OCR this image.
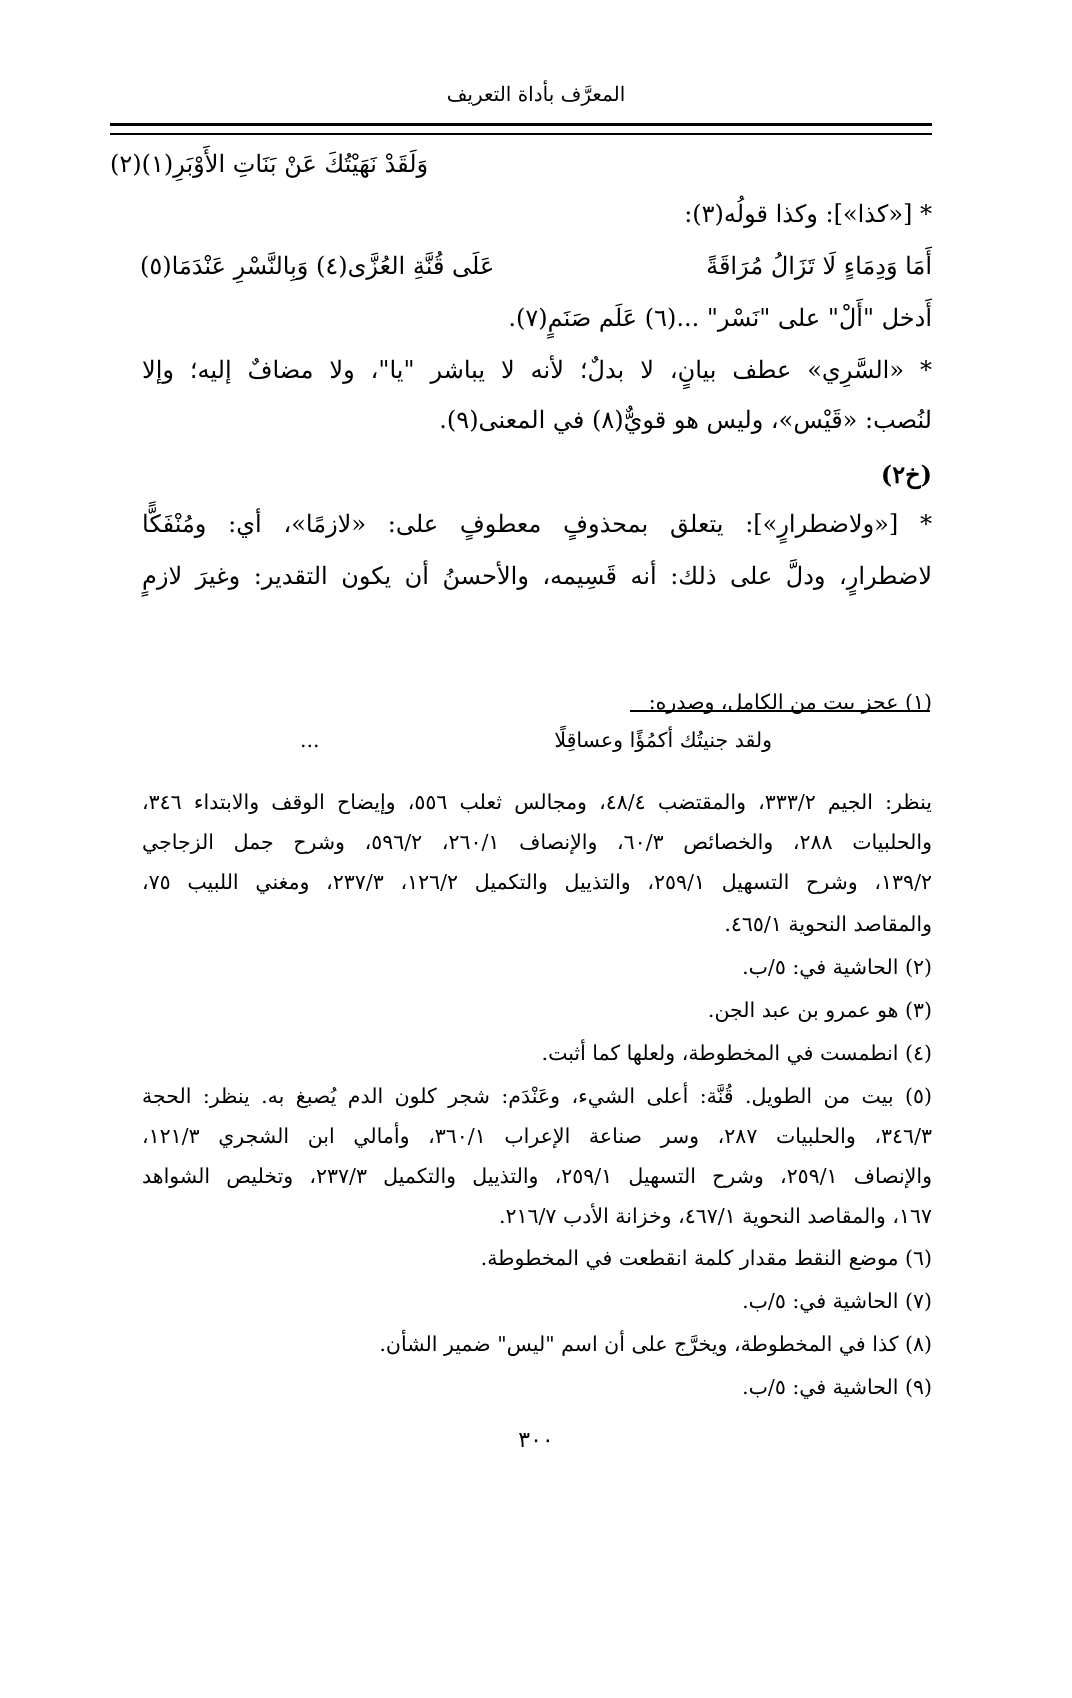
المعرَّف بأداة التعريف
وَلَقَدْ نَهَيْتُكَ عَنْ بَنَاتِ الأَوْبَرِ(١)(٢)
* [«كذا»]: وكذا قولُه(٣):
أَمَا وَدِمَاءٍ لَا تَزَالُ مُرَاقَةً
عَلَى قُنَّةِ العُزَّى(٤) وَبِالنَّسْرِ عَنْدَمَا(٥)
أَدخل "أَلْ" على "نَسْر" ...(٦) عَلَم صَنَمٍ(٧).
* «السَّرِي» عطف بيانٍ، لا بدلٌ؛ لأنه لا يباشر "يا"، ولا مضافٌ إليه؛ وإلا
لنُصب: «قَيْس»، وليس هو قويٌّ(٨) في المعنى(٩).
(خ٢)
* [«ولاضطرارٍ»]: يتعلق بمحذوفٍ معطوفٍ على: «لازمًا»، أي: ومُنْفَكًّا
لاضطرارٍ، ودلَّ على ذلك: أنه قَسِيمه، والأحسنُ أن يكون التقدير: وغيرَ لازمٍ
(١) عجز بيت من الكامل، وصدره:
ولقد جنيتُك أكمُؤًا وعساقِلًا
...
ينظر: الجيم ٣٣٣/٢، والمقتضب ٤٨/٤، ومجالس ثعلب ٥٥٦، وإيضاح الوقف والابتداء ٣٤٦،
والحلبيات ٢٨٨، والخصائص ٦٠/٣، والإنصاف ٢٦٠/١، ٥٩٦/٢، وشرح جمل الزجاجي
١٣٩/٢، وشرح التسهيل ٢٥٩/١، والتذييل والتكميل ١٢٦/٢، ٢٣٧/٣، ومغني اللبيب ٧٥،
والمقاصد النحوية ٤٦٥/١.
(٢) الحاشية في: ٥/ب.
(٣) هو عمرو بن عبد الجن.
(٤) انطمست في المخطوطة، ولعلها كما أثبت.
(٥) بيت من الطويل. قُنَّة: أعلى الشيء، وعَنْدَم: شجر كلون الدم يُصبغ به. ينظر: الحجة
٣٤٦/٣، والحلبيات ٢٨٧، وسر صناعة الإعراب ٣٦٠/١، وأمالي ابن الشجري ١٢١/٣،
والإنصاف ٢٥٩/١، وشرح التسهيل ٢٥٩/١، والتذييل والتكميل ٢٣٧/٣، وتخليص الشواهد
١٦٧، والمقاصد النحوية ٤٦٧/١، وخزانة الأدب ٢١٦/٧.
(٦) موضع النقط مقدار كلمة انقطعت في المخطوطة.
(٧) الحاشية في: ٥/ب.
(٨) كذا في المخطوطة، ويخرَّج على أن اسم "ليس" ضمير الشأن.
(٩) الحاشية في: ٥/ب.
٣٠٠
